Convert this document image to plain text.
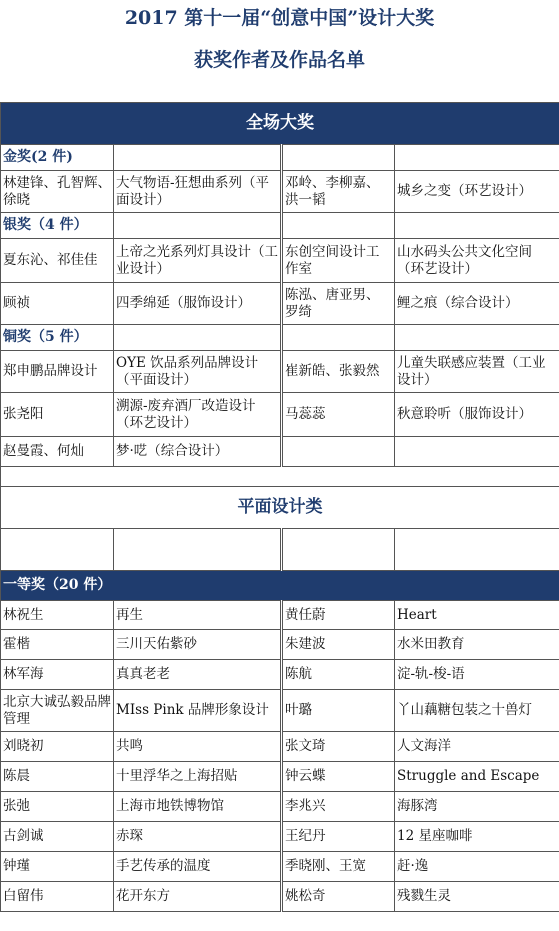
2017 第十一届“创意中国”设计大奖
获奖作者及作品名单
全场大奖			
金奖(2 件)			
林建锋、孔智辉、徐晓	大气物语-狂想曲系列（平面设计）	邓岭、李柳嘉、洪一韬	城乡之变（环艺设计）
银奖（4 件）			
夏东沁、祁佳佳	上帝之光系列灯具设计（工业设计）	东创空间设计工作室	山水码头公共文化空间（环艺设计）
顾祯	四季绵延（服饰设计）	陈泓、唐亚男、罗绮	鲤之痕（综合设计）
铜奖（5 件）			
郑申鹏品牌设计	OYE 饮品系列品牌设计（平面设计）	崔新皓、张毅然	儿童失联感应装置（工业设计）
张尧阳	溯源-废弃酒厂改造设计（环艺设计）	马蕊蕊	秋意聆听（服饰设计）
赵曼霞、何灿	梦·呓（综合设计）		

平面设计类			

一等奖（20 件）			
林祝生	再生	黄任蔚	Heart
霍楷	三川天佑紫砂	朱建波	水米田教育
林军海	真真老老	陈航	淀-轨-梭-语
北京大诚弘毅品牌管理	MIss Pink 品牌形象设计	叶璐	丫山藕糖包装之十兽灯
刘晓初	共鸣	张文琦	人文海洋
陈晨	十里浮华之上海招贴	钟云蝶	Struggle and Escape
张弛	上海市地铁博物馆	李兆兴	海豚湾
古剑诚	赤琛	王纪丹	12 星座咖啡
钟瑾	手艺传承的温度	季晓刚、王宽	赶·逸
白留伟	花开东方	姚松奇	残戮生灵
